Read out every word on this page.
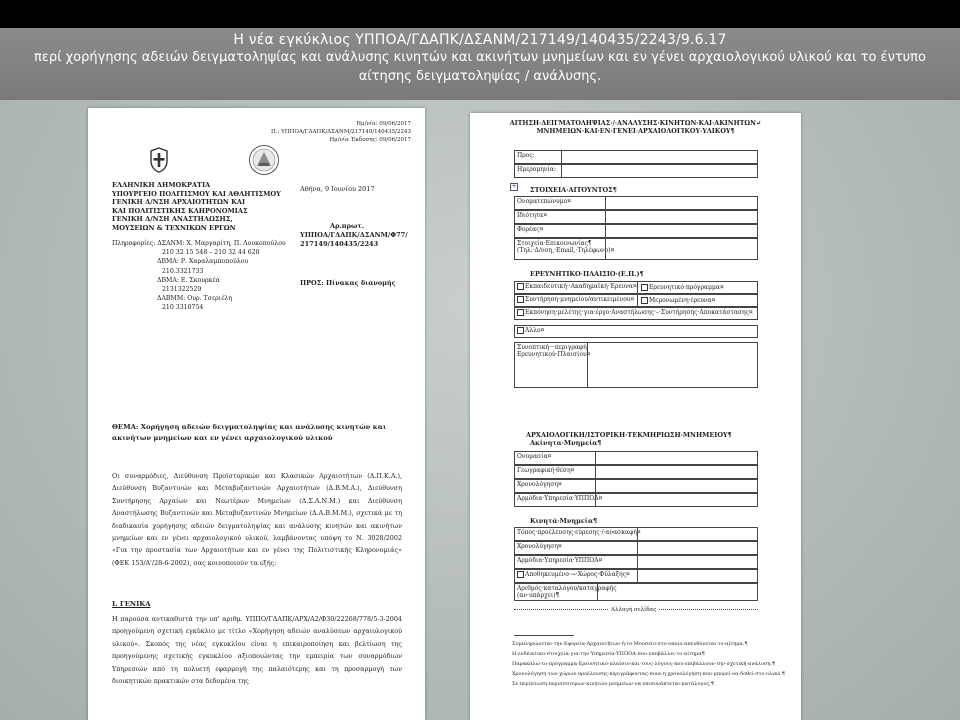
Η νέα εγκύκλιος ΥΠΠΟΑ/ΓΔΑΠΚ/ΔΣΑΝΜ/217149/140435/2243/9.6.17
περί χορήγησης αδειών δειγματοληψίας και ανάλυσης κινητών και ακινήτων μνημείων και εν γένει αρχαιολογικού υλικού και το έντυπο αίτησης δειγματοληψίας / ανάλυσης.
Ημ/νία: 09/06/2017
Π.: ΥΠΠΟΑ/ΓΔΑΠΚ/ΔΣΑΝΜ/217149/140435/2243
Ημ/νία Έκδοσης: 09/06/2017
ΕΛΛΗΝΙΚΗ ΔΗΜΟΚΡΑΤΙΑ
ΥΠΟΥΡΓΕΙΟ ΠΟΛΙΤΙΣΜΟΥ ΚΑΙ ΑΘΛΗΤΙΣΜΟΥ
ΓΕΝΙΚΗ Δ/ΝΣΗ ΑΡΧΑΙΟΤΗΤΩΝ ΚΑΙ
ΚΑΙ ΠΟΛΙΤΙΣΤΙΚΗΣ ΚΛΗΡΟΝΟΜΙΑΣ
ΓΕΝΙΚΗ Δ/ΝΣΗ ΑΝΑΣΤΗΛΩΣΗΣ,
ΜΟΥΣΕΙΩΝ & ΤΕΧΝΙΚΩΝ ΕΡΓΩΝ
Αθήνα, 9 Ιουνίου 2017
Αρ.πρωτ.
ΥΠΠΟΑ/ΓΔΑΠΚ/ΔΣΑΝΜ/Φ77/
217149/140435/2243
Πληροφορίες: ΔΣΑΝΜ: Χ. Μαργαρίτη, Π. Λουκοπούλου
210 32 15 548 – 210 32 44 628
ΔΒΜΑ: Ρ. Χαραλαμποπούλου
210.3321733
ΔΒΜΑ: Ε. Σκουρκέα
2131322529
ΔΑΒΜΜ: Ουρ. Τσεριέλη
210 3310754
ΠΡΟΣ: Πίνακας διανομής
ΘΕΜΑ: Χορήγηση αδειών δειγματοληψίας και ανάλυσης κινητών και ακινήτων μνημείων και εν γένει αρχαιολογικού υλικού
Οι συναρμόδιες, Διεύθυνση Προϊστορικών και Κλασικών Αρχαιοτήτων (Δ.Π.Κ.Α.), Διεύθυνση Βυζαντινών και Μεταβυζαντινών Αρχαιοτήτων (Δ.Β.Μ.Α.), Διεύθυνση Συντήρησης Αρχαίων και Νεωτέρων Μνημείων (Δ.Σ.Α.Ν.Μ.) και Διεύθυνση Αναστήλωσης Βυζαντινών και Μεταβυζαντινών Μνημείων (Δ.Α.Β.Μ.Μ.), σχετικά με τη διαδικασία χορήγησης αδειών δειγματοληψίας και ανάλυσης κινητών και ακινήτων μνημείων και εν γένει αρχαιολογικού υλικού, λαμβάνοντας υπόψη το Ν. 3028/2002 «Για την προστασία των Αρχαιοτήτων και εν γένει της Πολιτιστικής Κληρονομιάς» (ΦΕΚ 153/Α'/28-6-2002), σας κοινοποιούν τα εξής:
Ι. ΓΕΝΙΚΑ
Η παρούσα αντικαθιστά την υπ' αριθμ. ΥΠΠΟ/ΓΔΑΠΚ/ΑΡΧ/Α2/Φ30/22268/778/5-3-2004 προηγούμενη σχετική εγκύκλιο με τίτλο «Χορήγηση αδειών αναλύσεων αρχαιολογικού υλικού». Σκοπός της νέας εγκυκλίου είναι η επικαιροποίηση και βελτίωση της προηγούμενης σχετικής εγκυκλίου αξιοποιώντας την εμπειρία των συναρμόδιων Υπηρεσιών από τη πολυετή εφαρμογή της παλαιότερης και τη προσαρμογή των διοικητικών πρακτικών στα δεδομένα της
ΑΙΤΗΣΗ·ΔΕΙΓΜΑΤΟΛΗΨΙΑΣ·/·ΑΝΑΛΥΣΗΣ·ΚΙΝΗΤΩΝ·ΚΑΙ·ΑΚΙΝΗΤΩΝ↵
ΜΝΗΜΕΙΩΝ·ΚΑΙ·ΕΝ·ΓΕΝΕΙ·ΑΡΧΑΙΟΛΟΓΙΚΟΥ·ΥΛΙΚΟΥ¶
Προς:
Ημερομηνία:
ΣΤΟΙΧΕΙΑ·ΑΙΤΟΥΝΤΟΣ¶
+
Ονοματεπώνυμο¤
Ιδιότητα¤
Φορέας¤
Στοιχεία·Επικοινωνίας¶
(Τηλ.·Δ/νση,·Email,·Τηλέφωνο)¤
ΕΡΕΥΝΗΤΙΚΟ·ΠΛΑΙΣΙΟ·(Ε.Π.)¶
Εκπαιδευτική··Ακαδημαϊκή·Έρευνα¤	Ερευνητικό·πρόγραμμα¤
Συντήρηση·μνημείου/αντικειμένου¤	Μεμονωμένη·έρευνα¤
Εκπόνηση·μελέτης·για·έργο·Αναστήλωσης·–·Συντήρησης·Αποκατάστασης¤
Άλλο¤
Συνοπτική···περιγραφή
Ερευνητικού·Πλαισίου¤
ΑΡΧΑΙΟΛΟΓΙΚΗ/ΙΣΤΟΡΙΚΗ·ΤΕΚΜΗΡΙΩΣΗ·ΜΝΗΜΕΙΟΥ¶
Ακίνητα·Μνημεία¶
Ονομασία¤
Γεωγραφική·θέση¤
Χρονολόγηση¤
Αρμόδια·Υπηρεσία·ΥΠΠΟΑ¤
Κινητά·Μνημεία¶
Τόπος·προέλευσης·εύρεσης·/·ανασκαφή¤
Χρονολόγηση¤
Αρμόδια·Υπηρεσία·ΥΠΠΟΑ¤
Αποθηκευμένο·→·Χώρος·Φύλαξης¤
Αριθμός·καταλόγου/καταγραφής
(αν·υπάρχει)¶
Αλλαγή σελίδας
Συμπληρώνεται·την·Εφορεία·Αρχαιοτήτων·ή·το·Μουσείο·στο·οποίο·απευθύνεται·το·αίτημα.¶
Η·ενδέικτικο·στοιχεία·για·την·Υπηρεσία·ΥΠΠΟΑ·που·υποβάλλει·το·αίτημα¶
Παρακαλώ·το·πρόγραμμα·Ερευνητικό·πλαίσιο·και·τους·λόγους·που·επιβάλλουν·την·σχετική·ανάλυση.¶
Χρονολόγηση·των·χώρων·προέλευσης·περιγράφοντας·ποια·η·χρονολόγηση·που·μπορεί·να·δοθεί·στο·υλικό.¶
Σε·περίπτωση·περισσότερων·κινητών·μνημείων·να·επισυνάπτεται·κατάλογος.¶
